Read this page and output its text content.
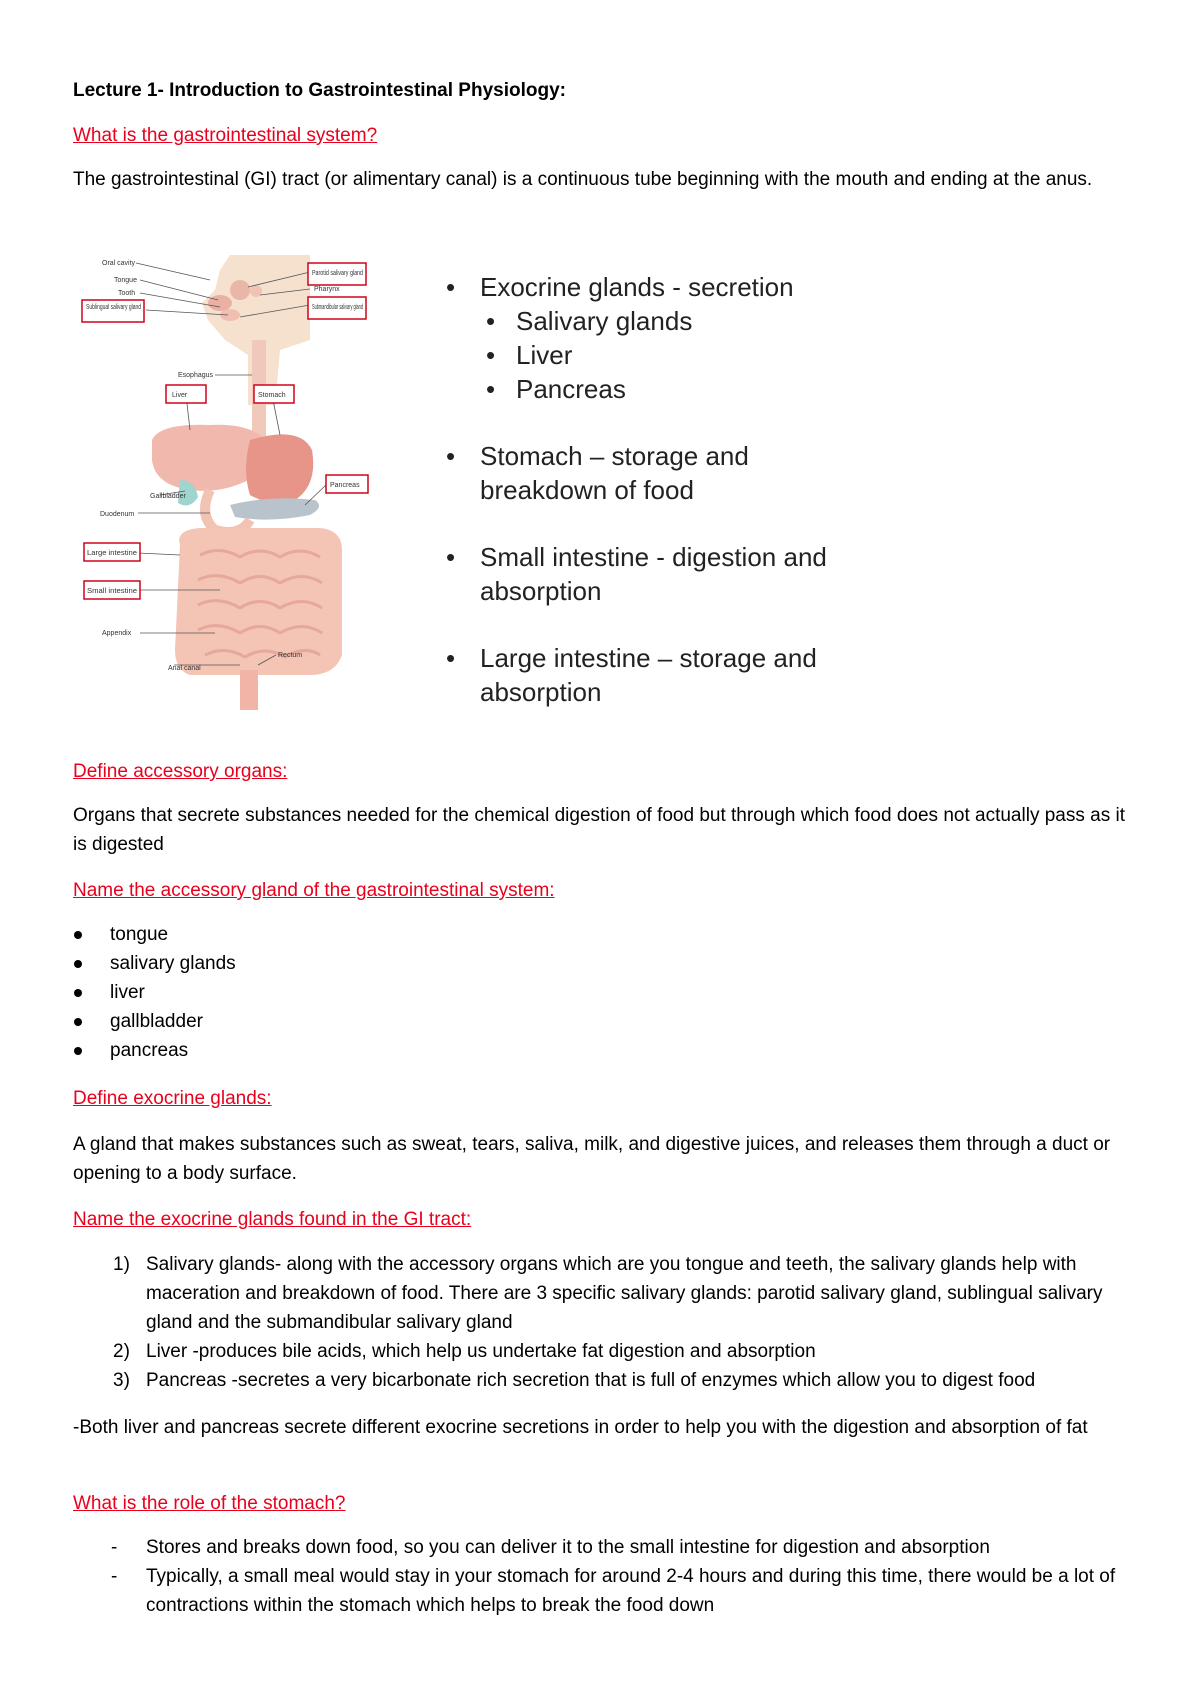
Lecture 1- Introduction to Gastrointestinal Physiology:
What is the gastrointestinal system?
The gastrointestinal (GI) tract (or alimentary canal) is a continuous tube beginning with the mouth and ending at the anus.
Oral cavity
Tongue
Tooth
Pharynx
Esophagus
Gallbladder
Duodenum
Appendix
Anal canal
Rectum
Sublingual salivary gland
Parotid salivary gland
Submandibular salivary gland
Liver	Stomach
Pancreas
Large intestine
Small intestine
• Exocrine glands - secretion
• Salivary glands
• Liver
• Pancreas
• Stomach – storage and breakdown of food
• Small intestine - digestion and absorption
• Large intestine – storage and absorption
Define accessory organs:
Organs that secrete substances needed for the chemical digestion of food but through which food does not actually pass as it is digested
Name the accessory gland of the gastrointestinal system:
tongue
salivary glands
liver
gallbladder
pancreas
Define exocrine glands:
A gland that makes substances such as sweat, tears, saliva, milk, and digestive juices, and releases them through a duct or opening to a body surface.
Name the exocrine glands found in the GI tract:
1) Salivary glands- along with the accessory organs which are you tongue and teeth, the salivary glands help with maceration and breakdown of food. There are 3 specific salivary glands: parotid salivary gland, sublingual salivary gland and the submandibular salivary gland
2) Liver -produces bile acids, which help us undertake fat digestion and absorption
3) Pancreas -secretes a very bicarbonate rich secretion that is full of enzymes which allow you to digest food
-Both liver and pancreas secrete different exocrine secretions in order to help you with the digestion and absorption of fat
What is the role of the stomach?
- Stores and breaks down food, so you can deliver it to the small intestine for digestion and absorption
- Typically, a small meal would stay in your stomach for around 2-4 hours and during this time, there would be a lot of contractions within the stomach which helps to break the food down
